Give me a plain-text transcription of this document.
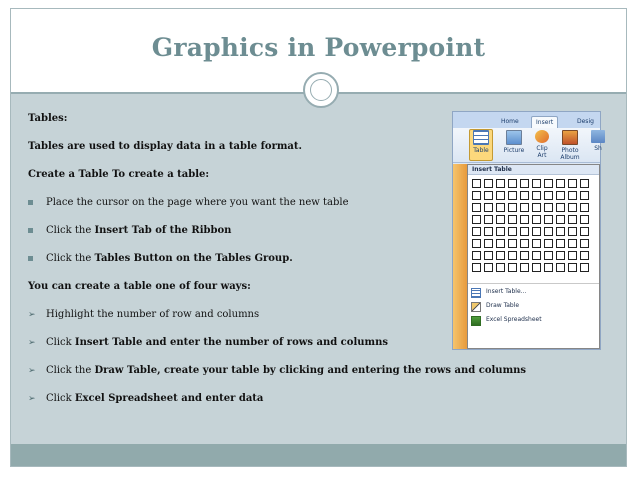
Graphics in Powerpoint
Tables:
Tables are used to display data in a table format.
Create a Table To create a table:
Place the cursor on the page where you want the new table
Click the Insert Tab of the Ribbon
Click the Tables Button on the Tables Group.
You can create a table one of four ways:
➢ Highlight the number of row and columns
➢ Click Insert Table and enter the number of rows and columns
➢ Click the Draw Table, create your table by clicking and entering the rows and columns
➢ Click Excel Spreadsheet and enter data
Home	Insert	Desig
Table	Picture	Clip Art
Photo Album
Sh
Insert Table
Insert Table...
Draw Table
Excel Spreadsheet
